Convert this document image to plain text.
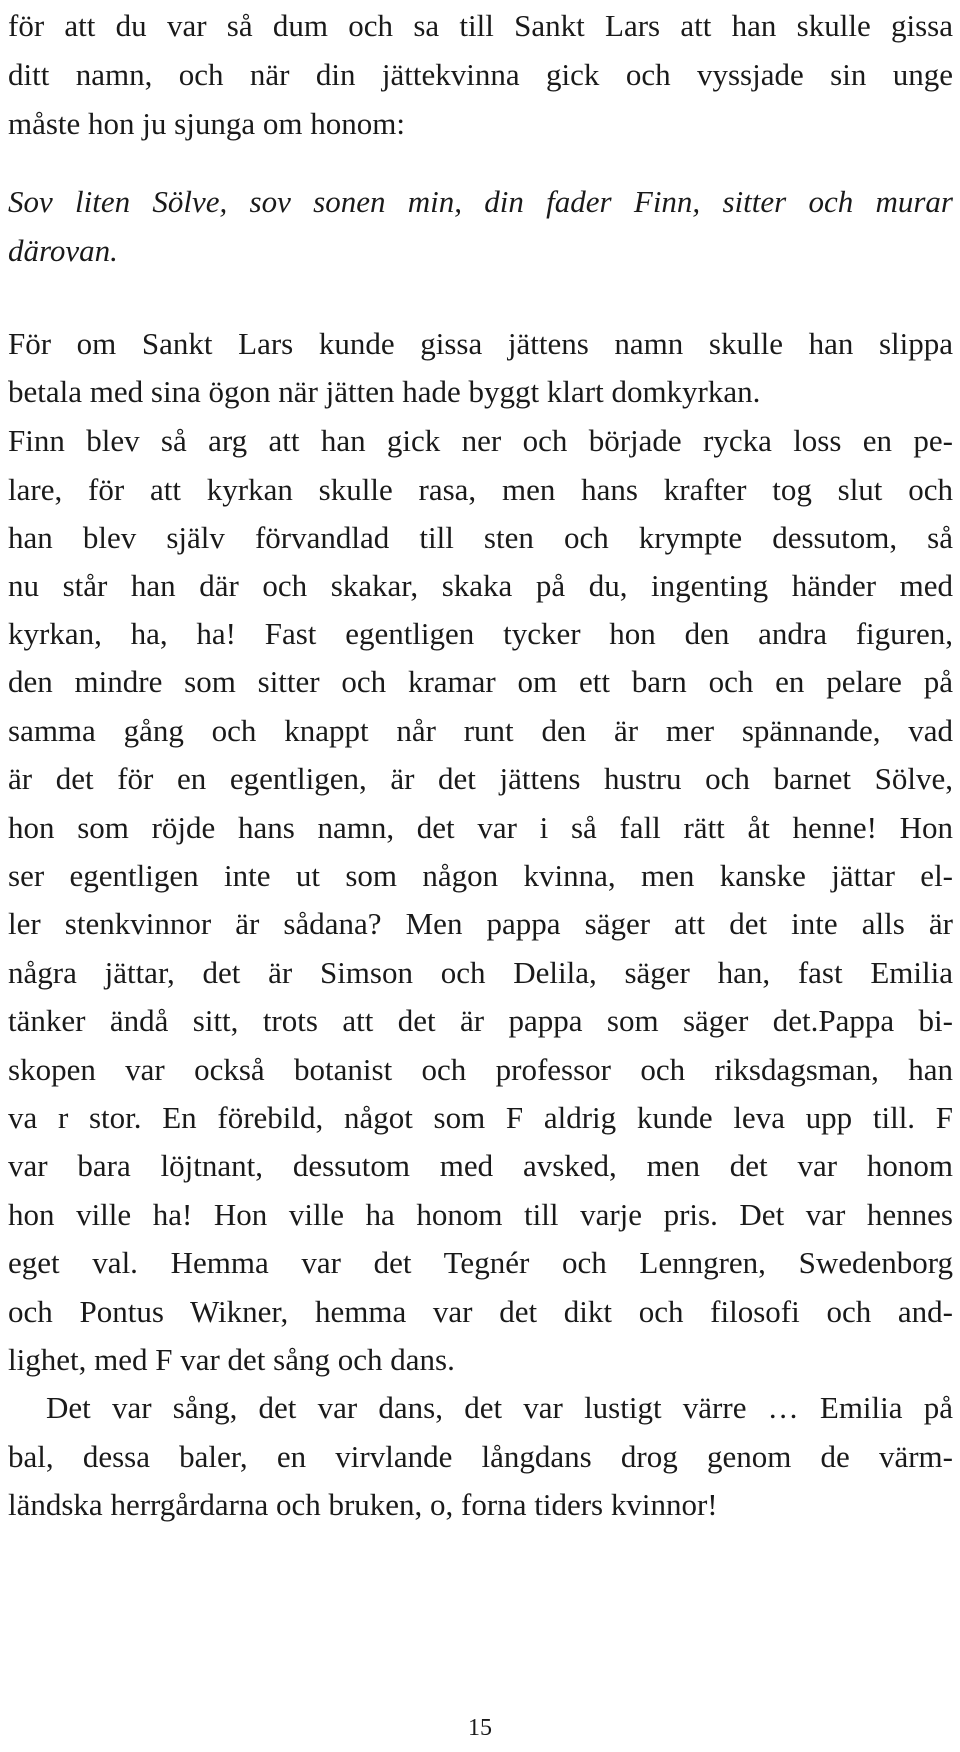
för att du var så dum och sa till Sankt Lars att han skulle gissa
ditt namn, och när din jättekvinna gick och vyssjade sin unge
måste hon ju sjunga om honom:
Sov liten Sölve, sov sonen min, din fader Finn, sitter och murar
därovan.
För om Sankt Lars kunde gissa jättens namn skulle han slippa
betala med sina ögon när jätten hade byggt klart domkyrkan.
Finn blev så arg att han gick ner och började rycka loss en pe-
lare, för att kyrkan skulle rasa, men hans krafter tog slut och
han blev själv förvandlad till sten och krympte dessutom, så
nu står han där och skakar, skaka på du, ingenting händer med
kyrkan, ha, ha! Fast egentligen tycker hon den andra figuren,
den mindre som sitter och kramar om ett barn och en pelare på
samma gång och knappt når runt den är mer spännande, vad
är det för en egentligen, är det jättens hustru och barnet Sölve,
hon som röjde hans namn, det var i så fall rätt åt henne! Hon
ser egentligen inte ut som någon kvinna, men kanske jättar el-
ler stenkvinnor är sådana? Men pappa säger att det inte alls är
några jättar, det är Simson och Delila, säger han, fast Emilia
tänker ändå sitt, trots att det är pappa som säger det.Pappa bi-
skopen var också botanist och professor och riksdagsman, han
va r stor. En förebild, något som F aldrig kunde leva upp till. F
var bara löjtnant, dessutom med avsked, men det var honom
hon ville ha! Hon ville ha honom till varje pris. Det var hennes
eget val. Hemma var det Tegnér och Lenngren, Swedenborg
och Pontus Wikner, hemma var det dikt och filosofi och and-
lighet, med F var det sång och dans.
Det var sång, det var dans, det var lustigt värre … Emilia på
bal, dessa baler, en virvlande långdans drog genom de värm-
ländska herrgårdarna och bruken, o, forna tiders kvinnor!
15
